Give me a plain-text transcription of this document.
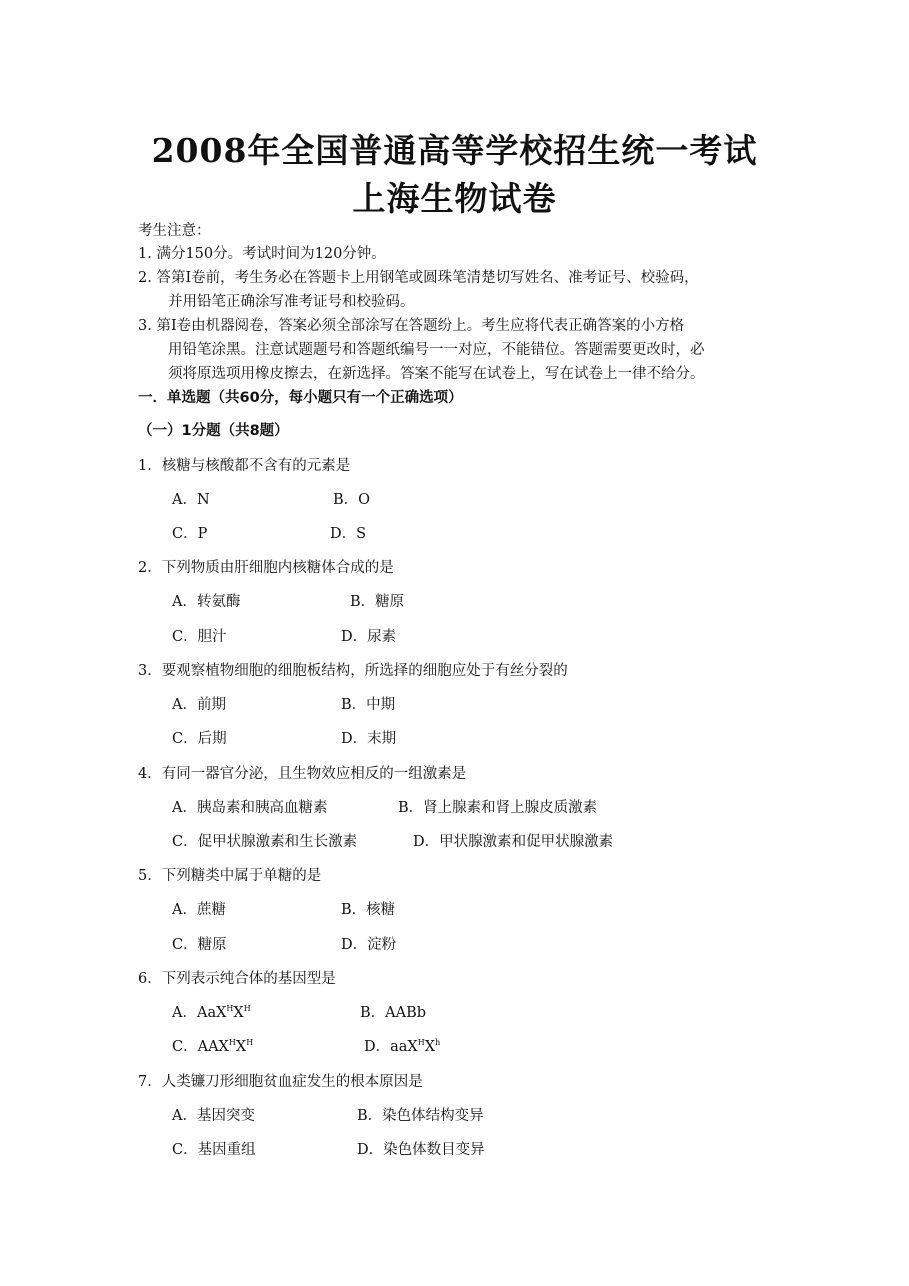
2008年全国普通高等学校招生统一考试
上海生物试卷
考生注意：
1. 满分150分。考试时间为120分钟。
2. 答第Ⅰ卷前，考生务必在答题卡上用钢笔或圆珠笔清楚切写姓名、准考证号、校验码，
并用铅笔正确涂写准考证号和校验码。
3. 第Ⅰ卷由机器阅卷，答案必须全部涂写在答题纷上。考生应将代表正确答案的小方格
用铅笔涂黑。注意试题题号和答题纸编号一一对应，不能错位。答题需要更改时，必
须将原选项用橡皮擦去，在新选择。答案不能写在试卷上，写在试卷上一律不给分。
一．单选题（共60分，每小题只有一个正确选项）
（一）1分题（共8题）
1．核糖与核酸都不含有的元素是
A．N	B．O
C．P	D．S
2．下列物质由肝细胞内核糖体合成的是
A．转氨酶	B．糖原
C．胆汁	D．尿素
3．要观察植物细胞的细胞板结构，所选择的细胞应处于有丝分裂的
A．前期	B．中期
C．后期	D．末期
4．有同一器官分泌，且生物效应相反的一组激素是
A．胰岛素和胰高血糖素	B．肾上腺素和肾上腺皮质激素
C．促甲状腺激素和生长激素	D．甲状腺激素和促甲状腺激素
5．下列糖类中属于单糖的是
A．蔗糖	B．核糖
C．糖原	D．淀粉
6．下列表示纯合体的基因型是
A．$AaX^HX^H$	B．AABb
C．$AAX^HX^H$	D．$aaX^HX^h$
7．人类镰刀形细胞贫血症发生的根本原因是
A．基因突变	B．染色体结构变异
C．基因重组	D．染色体数目变异
